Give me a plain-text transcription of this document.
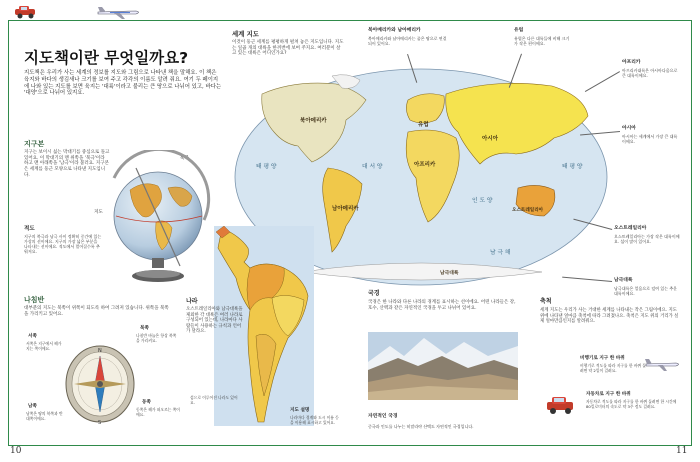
지도책이란 무엇일까요?

지도책은 우리가 사는 세계의 정보를 지도와 그림으로 나타낸 책을 말해요. 이 책은 육지와 바다의 생김새나 크기를 보여 주고 각각의 이름도 알려 줘요. 여기 두 페이지에 나와 있는 지도를 보면 육지는 '대륙'이라고 불리는 큰 땅으로 나뉘어 있고, 바다는 '대양'으로 나뉘어 있지요.

지구본

지구는 보이시 싫는 막대기를 중심으로 돌고 있어요. 이 막대기의 맨 위쪽을 '북극'이라 하고 맨 아래쪽을 '남극'이라 불러요. 지구본은 세계를 둥근 모양으로 나타낸 지도입니다.

북극

지도

적도

지구의 북극과 남극 사이 정확히 중간에 있는 가상의 선이에요. 지구의 가장 넓은 부분을 나타내는 선이에요. 적도에서 멀어질수록 추워져요.

북아메리카

남아메리카

유럽

아프리카

아시아

오스트레일리아

남극대륙

태 평 양	대 서 양

인 도 양

태 평 양

남 극 해

세계 지도

이것이 둥근 세계를 평평하게 펼쳐 놓은 지도입니다. 지도는 일곱 개의 대륙을 한꺼번에 보여 주지요. 여러분이 살고 있는 대륙은 어디인가요?

북아메리카와 남아메리카

북아메리카와 남아메리카는 좁은 땅으로 연결되어 있어요.

유럽

유럽은 다른 대륙들에 비해 크기가 작은 편이에요.

아프리카

아프리카대륙은 아시아다음으로 큰 대륙이에요.

아시아

아시아는 세계에서 가장 큰 대륙이에요.

오스트레일리아

오스트레일리아는 가장 작은 대륙이에요. 섬이 많이 있어요.

남극대륙

남극대륙은 얼음으로 덮여 있는 추운 대륙이에요.

나침반

대부분의 지도는 북쪽이 위쪽이 되도록 하여 그려져 있습니다. 위쪽을 북쪽을 가리키고 있어요.

북쪽

나침반 바늘은 항상 북쪽을 가리켜요.

서쪽

서쪽은 지구에서 해가 지는 쪽이에요.

동쪽

동쪽은 해가 떠오르는 쪽이에요.

남쪽

남쪽은 땅의 북쪽과 반대쪽이에요.

N
S

나라

오스트레일리아와 남극대륙을 제외한 각 대륙은 여러 나라로 구성되어 있는데, 나라마다 사람들이 사용하는 규칙과 언어가 달라요.

지도 설명

나라마다 경계와 도시 이름 등을 이용해 표시하고 있어요.

섬으로 이루어진 나라도 있어요.

국경

국경은 한 나라와 다른 나라의 경계를 표시하는 선이에요. 어떤 나라들은 강, 호수, 산맥과 같은 자연적인 국경을 두고 나뉘어 있어요.

자연적인 국경

중국과 인도를 나누는 히말라야 산맥도 자연적인 국경입니다.

축척

세계 지도는 우리가 사는 거대한 세계를 나타내는 작은 그림이에요. 지도 위에 나타낸 얼마큼 축척에 따라 그려졌나요. 축척은 지도 위의 거리가 실제 얼마만큼인지를 알려줘요.

비행기로 지구 한 바퀴

비행기로 적도를 따라 지구를 한 바퀴 돌려면 약 2일이 걸려요.

자동차로 지구 한 바퀴

자동차로 적도를 따라 지구를 한 바퀴 돌려면 한 시간에 80킬로미터의 속도로 약 3주 정도 걸려요.

10	11
